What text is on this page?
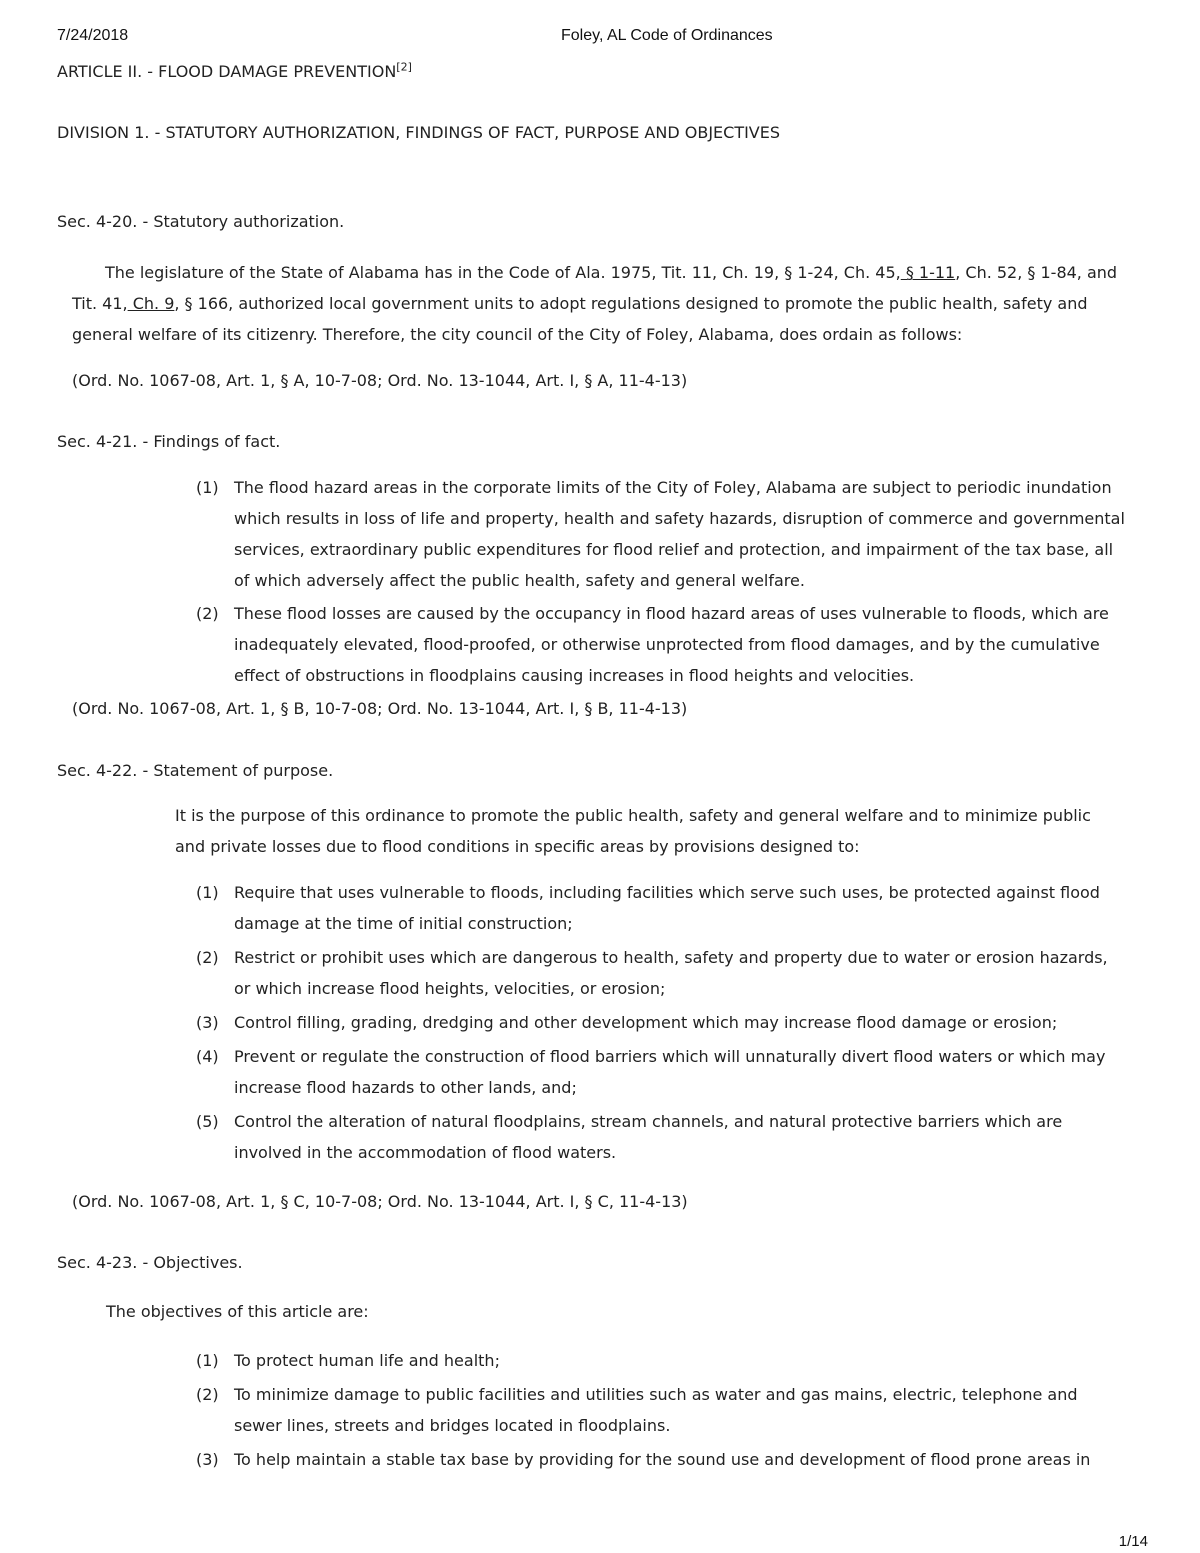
7/24/2018	Foley, AL Code of Ordinances
ARTICLE II. - FLOOD DAMAGE PREVENTION[2]
DIVISION 1. - STATUTORY AUTHORIZATION, FINDINGS OF FACT, PURPOSE AND OBJECTIVES
Sec. 4-20. - Statutory authorization.
The legislature of the State of Alabama has in the Code of Ala. 1975, Tit. 11, Ch. 19, § 1-24, Ch. 45, § 1-11, Ch. 52, § 1-84, and Tit. 41, Ch. 9, § 166, authorized local government units to adopt regulations designed to promote the public health, safety and general welfare of its citizenry. Therefore, the city council of the City of Foley, Alabama, does ordain as follows:
(Ord. No. 1067-08, Art. 1, § A, 10-7-08; Ord. No. 13-1044, Art. I, § A, 11-4-13)
Sec. 4-21. - Findings of fact.
(1) The flood hazard areas in the corporate limits of the City of Foley, Alabama are subject to periodic inundation which results in loss of life and property, health and safety hazards, disruption of commerce and governmental services, extraordinary public expenditures for flood relief and protection, and impairment of the tax base, all of which adversely affect the public health, safety and general welfare.
(2) These flood losses are caused by the occupancy in flood hazard areas of uses vulnerable to floods, which are inadequately elevated, flood-proofed, or otherwise unprotected from flood damages, and by the cumulative effect of obstructions in floodplains causing increases in flood heights and velocities.
(Ord. No. 1067-08, Art. 1, § B, 10-7-08; Ord. No. 13-1044, Art. I, § B, 11-4-13)
Sec. 4-22. - Statement of purpose.
It is the purpose of this ordinance to promote the public health, safety and general welfare and to minimize public and private losses due to flood conditions in specific areas by provisions designed to:
(1) Require that uses vulnerable to floods, including facilities which serve such uses, be protected against flood damage at the time of initial construction;
(2) Restrict or prohibit uses which are dangerous to health, safety and property due to water or erosion hazards, or which increase flood heights, velocities, or erosion;
(3) Control filling, grading, dredging and other development which may increase flood damage or erosion;
(4) Prevent or regulate the construction of flood barriers which will unnaturally divert flood waters or which may increase flood hazards to other lands, and;
(5) Control the alteration of natural floodplains, stream channels, and natural protective barriers which are involved in the accommodation of flood waters.
(Ord. No. 1067-08, Art. 1, § C, 10-7-08; Ord. No. 13-1044, Art. I, § C, 11-4-13)
Sec. 4-23. - Objectives.
The objectives of this article are:
(1) To protect human life and health;
(2) To minimize damage to public facilities and utilities such as water and gas mains, electric, telephone and sewer lines, streets and bridges located in floodplains.
(3) To help maintain a stable tax base by providing for the sound use and development of flood prone areas in
1/14
